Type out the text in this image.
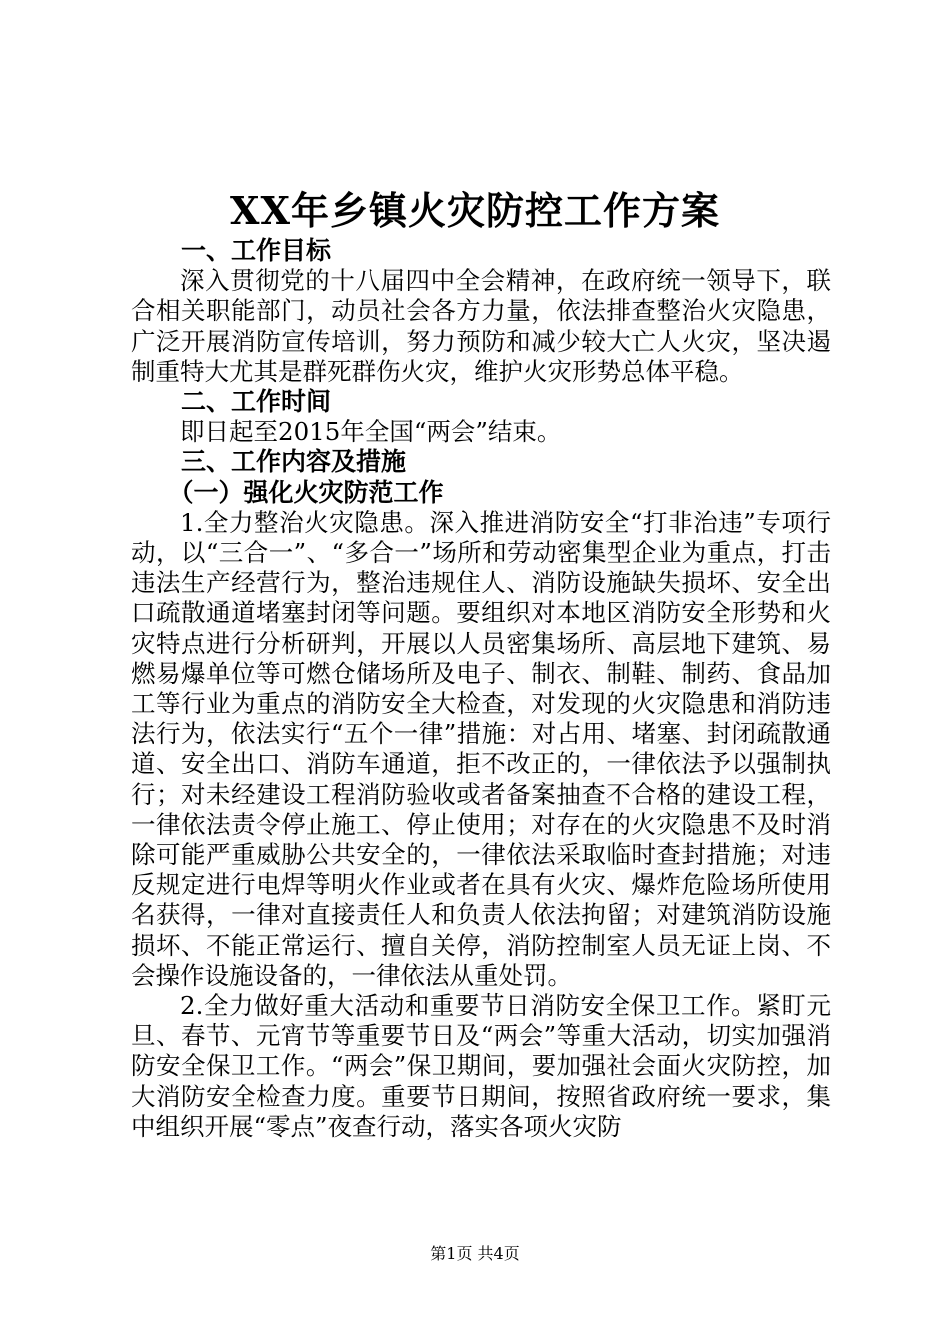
XX年乡镇火灾防控工作方案
一、工作目标

深入贯彻党的十八届四中全会精神，在政府统一领导下，联合相关职能部门，动员社会各方力量，依法排查整治火灾隐患，广泛开展消防宣传培训，努力预防和减少较大亡人火灾，坚决遏制重特大尤其是群死群伤火灾，维护火灾形势总体平稳。

二、工作时间

即日起至2015年全国“两会”结束。

三、工作内容及措施
（一）强化火灾防范工作

1.全力整治火灾隐患。深入推进消防安全“打非治违”专项行动，以“三合一”、“多合一”场所和劳动密集型企业为重点，打击违法生产经营行为，整治违规住人、消防设施缺失损坏、安全出口疏散通道堵塞封闭等问题。要组织对本地区消防安全形势和火灾特点进行分析研判，开展以人员密集场所、高层地下建筑、易燃易爆单位等可燃仓储场所及电子、制衣、制鞋、制药、食品加工等行业为重点的消防安全大检查，对发现的火灾隐患和消防违法行为，依法实行“五个一律”措施：对占用、堵塞、封闭疏散通道、安全出口、消防车通道，拒不改正的，一律依法予以强制执行；对未经建设工程消防验收或者备案抽查不合格的建设工程，一律依法责令停止施工、停止使用；对存在的火灾隐患不及时消除可能严重威胁公共安全的，一律依法采取临时查封措施；对违反规定进行电焊等明火作业或者在具有火灾、爆炸危险场所使用名获得，一律对直接责任人和负责人依法拘留；对建筑消防设施损坏、不能正常运行、擅自关停，消防控制室人员无证上岗、不会操作设施设备的，一律依法从重处罚。

2.全力做好重大活动和重要节日消防安全保卫工作。紧盯元旦、春节、元宵节等重要节日及“两会”等重大活动，切实加强消防安全保卫工作。“两会”保卫期间，要加强社会面火灾防控，加大消防安全检查力度。重要节日期间，按照省政府统一要求，集中组织开展“零点”夜查行动，落实各项火灾防

第1页 共4页
